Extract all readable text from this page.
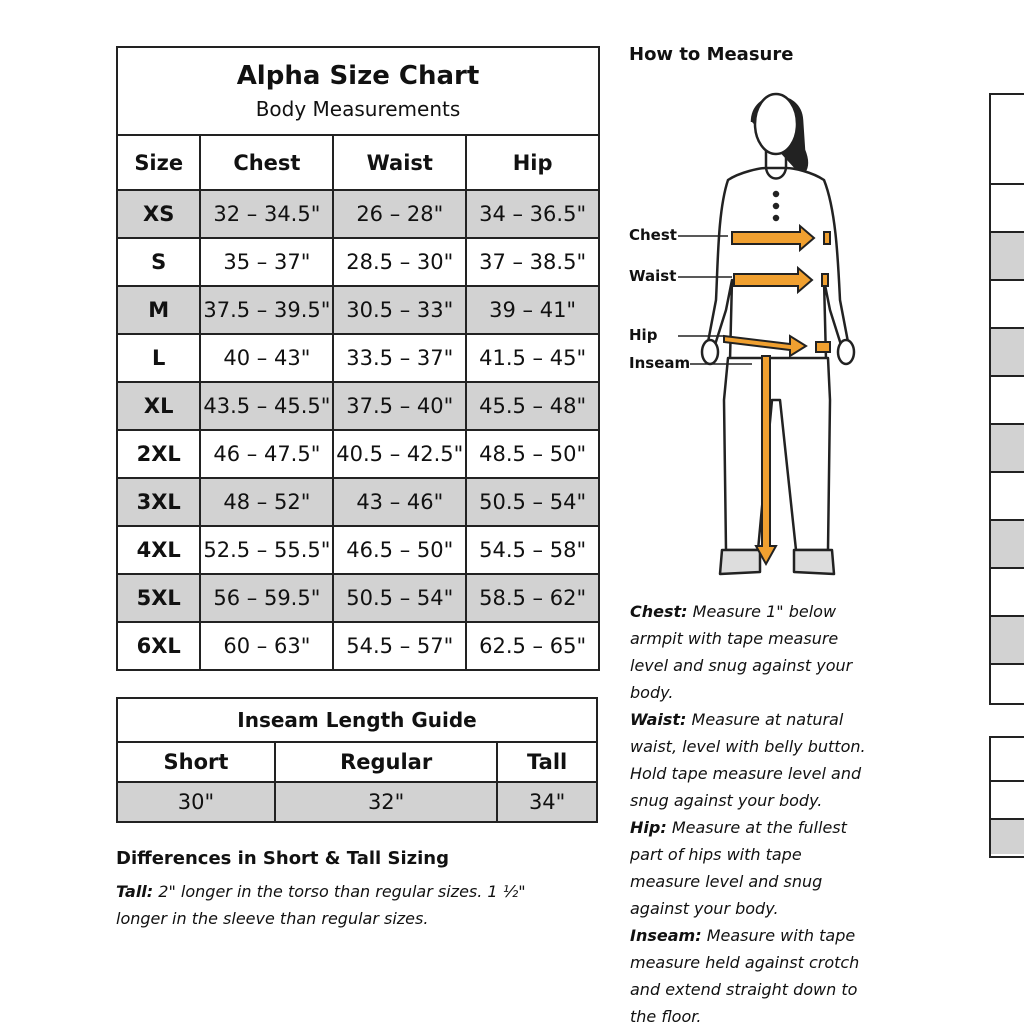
Alpha Size Chart
Body Measurements			

Size	Chest	Waist	Hip
XS	32 – 34.5"	26 – 28"	34 – 36.5"
S	35 – 37"	28.5 – 30"	37 – 38.5"
M	37.5 – 39.5"	30.5 – 33"	39 – 41"
L	40 – 43"	33.5 – 37"	41.5 – 45"
XL	43.5 – 45.5"	37.5 – 40"	45.5 – 48"
2XL	46 – 47.5"	40.5 – 42.5"	48.5 – 50"
3XL	48 – 52"	43 – 46"	50.5 – 54"
4XL	52.5 – 55.5"	46.5 – 50"	54.5 – 58"
5XL	56 – 59.5"	50.5 – 54"	58.5 – 62"
6XL	60 – 63"	54.5 – 57"	62.5 – 65"
Inseam Length Guide		
Short	Regular	Tall
30"	32"	34"
Differences in Short & Tall Sizing
Tall: 2" longer in the torso than regular sizes. 1 ½" longer in the sleeve than regular sizes.
How to Measure
Chest
Waist
Hip
Inseam

Chest: Measure 1" below armpit with tape measure level and snug against your body.

Waist: Measure at natural waist, level with belly button. Hold tape measure level and snug against your body.

Hip: Measure at the fullest part of hips with tape measure level and snug against your body.

Inseam: Measure with tape measure held against crotch and extend straight down to the floor.
